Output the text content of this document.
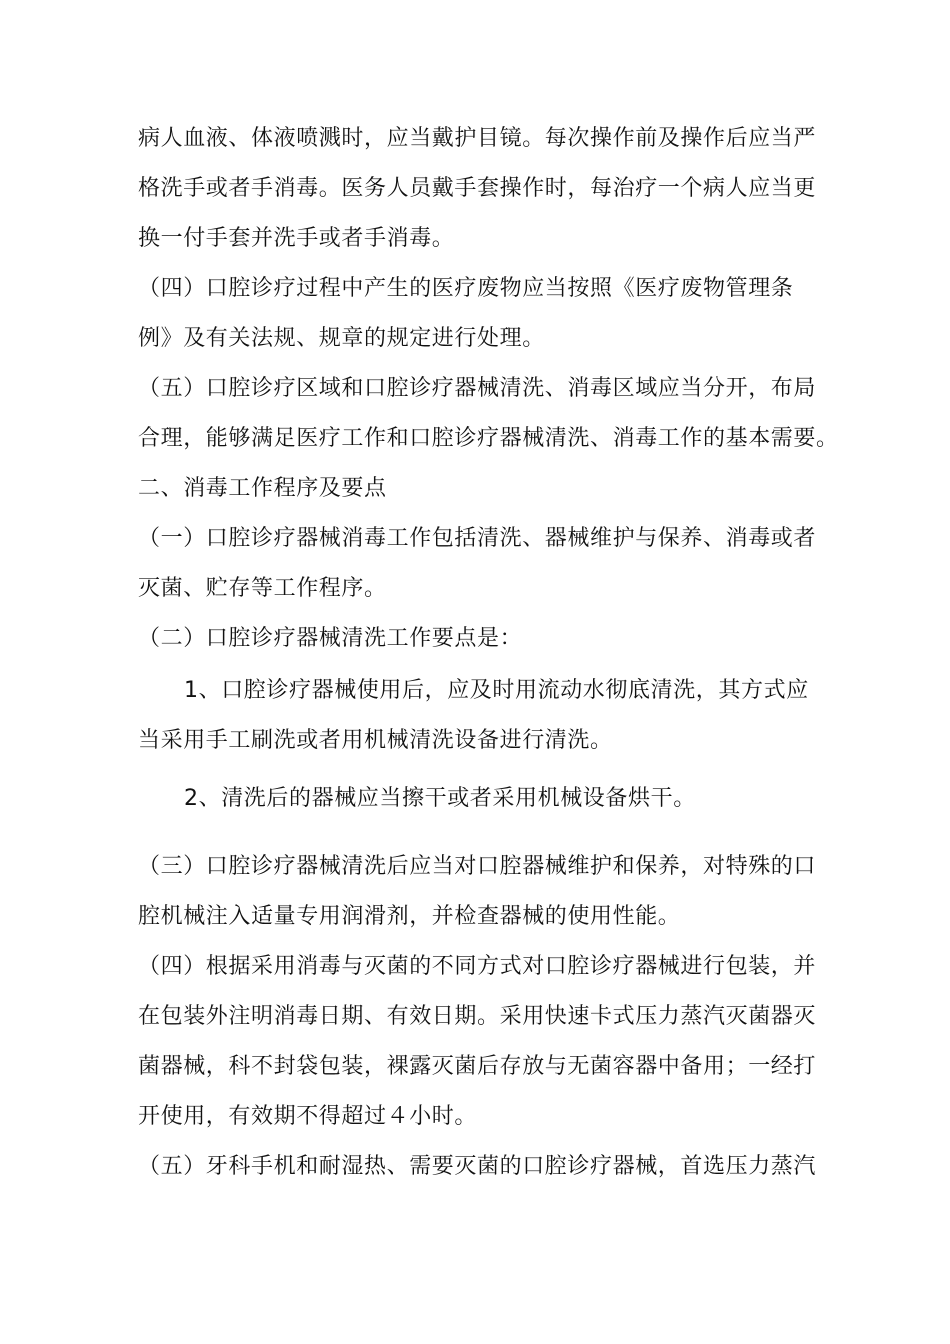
病人血液、体液喷溅时，应当戴护目镜。每次操作前及操作后应当严
格洗手或者手消毒。医务人员戴手套操作时，每治疗一个病人应当更
换一付手套并洗手或者手消毒。
（四）口腔诊疗过程中产生的医疗废物应当按照《医疗废物管理条
例》及有关法规、规章的规定进行处理。
（五）口腔诊疗区域和口腔诊疗器械清洗、消毒区域应当分开，布局
合理，能够满足医疗工作和口腔诊疗器械清洗、消毒工作的基本需要。
二、消毒工作程序及要点
（一）口腔诊疗器械消毒工作包括清洗、器械维护与保养、消毒或者
灭菌、贮存等工作程序。
（二）口腔诊疗器械清洗工作要点是：
1、口腔诊疗器械使用后，应及时用流动水彻底清洗，其方式应
当采用手工刷洗或者用机械清洗设备进行清洗。
2、清洗后的器械应当擦干或者采用机械设备烘干。
（三）口腔诊疗器械清洗后应当对口腔器械维护和保养，对特殊的口
腔机械注入适量专用润滑剂，并检查器械的使用性能。
（四）根据采用消毒与灭菌的不同方式对口腔诊疗器械进行包装，并
在包装外注明消毒日期、有效日期。采用快速卡式压力蒸汽灭菌器灭
菌器械，科不封袋包装，裸露灭菌后存放与无菌容器中备用；一经打
开使用，有效期不得超过４小时。
（五）牙科手机和耐湿热、需要灭菌的口腔诊疗器械，首选压力蒸汽
